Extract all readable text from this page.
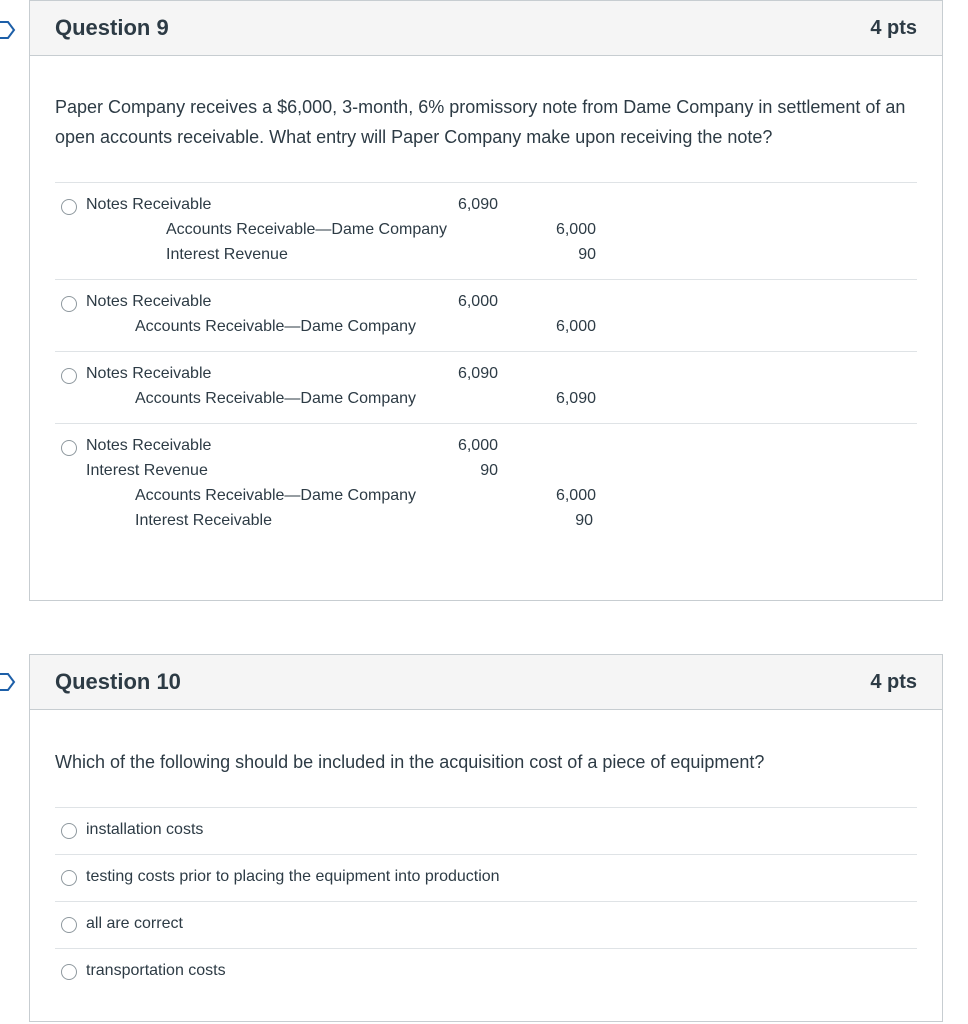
Question 9	4 pts
Paper Company receives a $6,000, 3-month, 6% promissory note from Dame Company in settlement of an open accounts receivable. What entry will Paper Company make upon receiving the note?
Notes Receivable	6,090
Accounts Receivable—Dame Company	6,000
Interest Revenue	90
Notes Receivable	6,000
Accounts Receivable—Dame Company	6,000
Notes Receivable	6,090
Accounts Receivable—Dame Company	6,090
Notes Receivable	6,000
Interest Revenue	90
Accounts Receivable—Dame Company	6,000
Interest Receivable	90
Question 10	4 pts
Which of the following should be included in the acquisition cost of a piece of equipment?
installation costs
testing costs prior to placing the equipment into production
all are correct
transportation costs
